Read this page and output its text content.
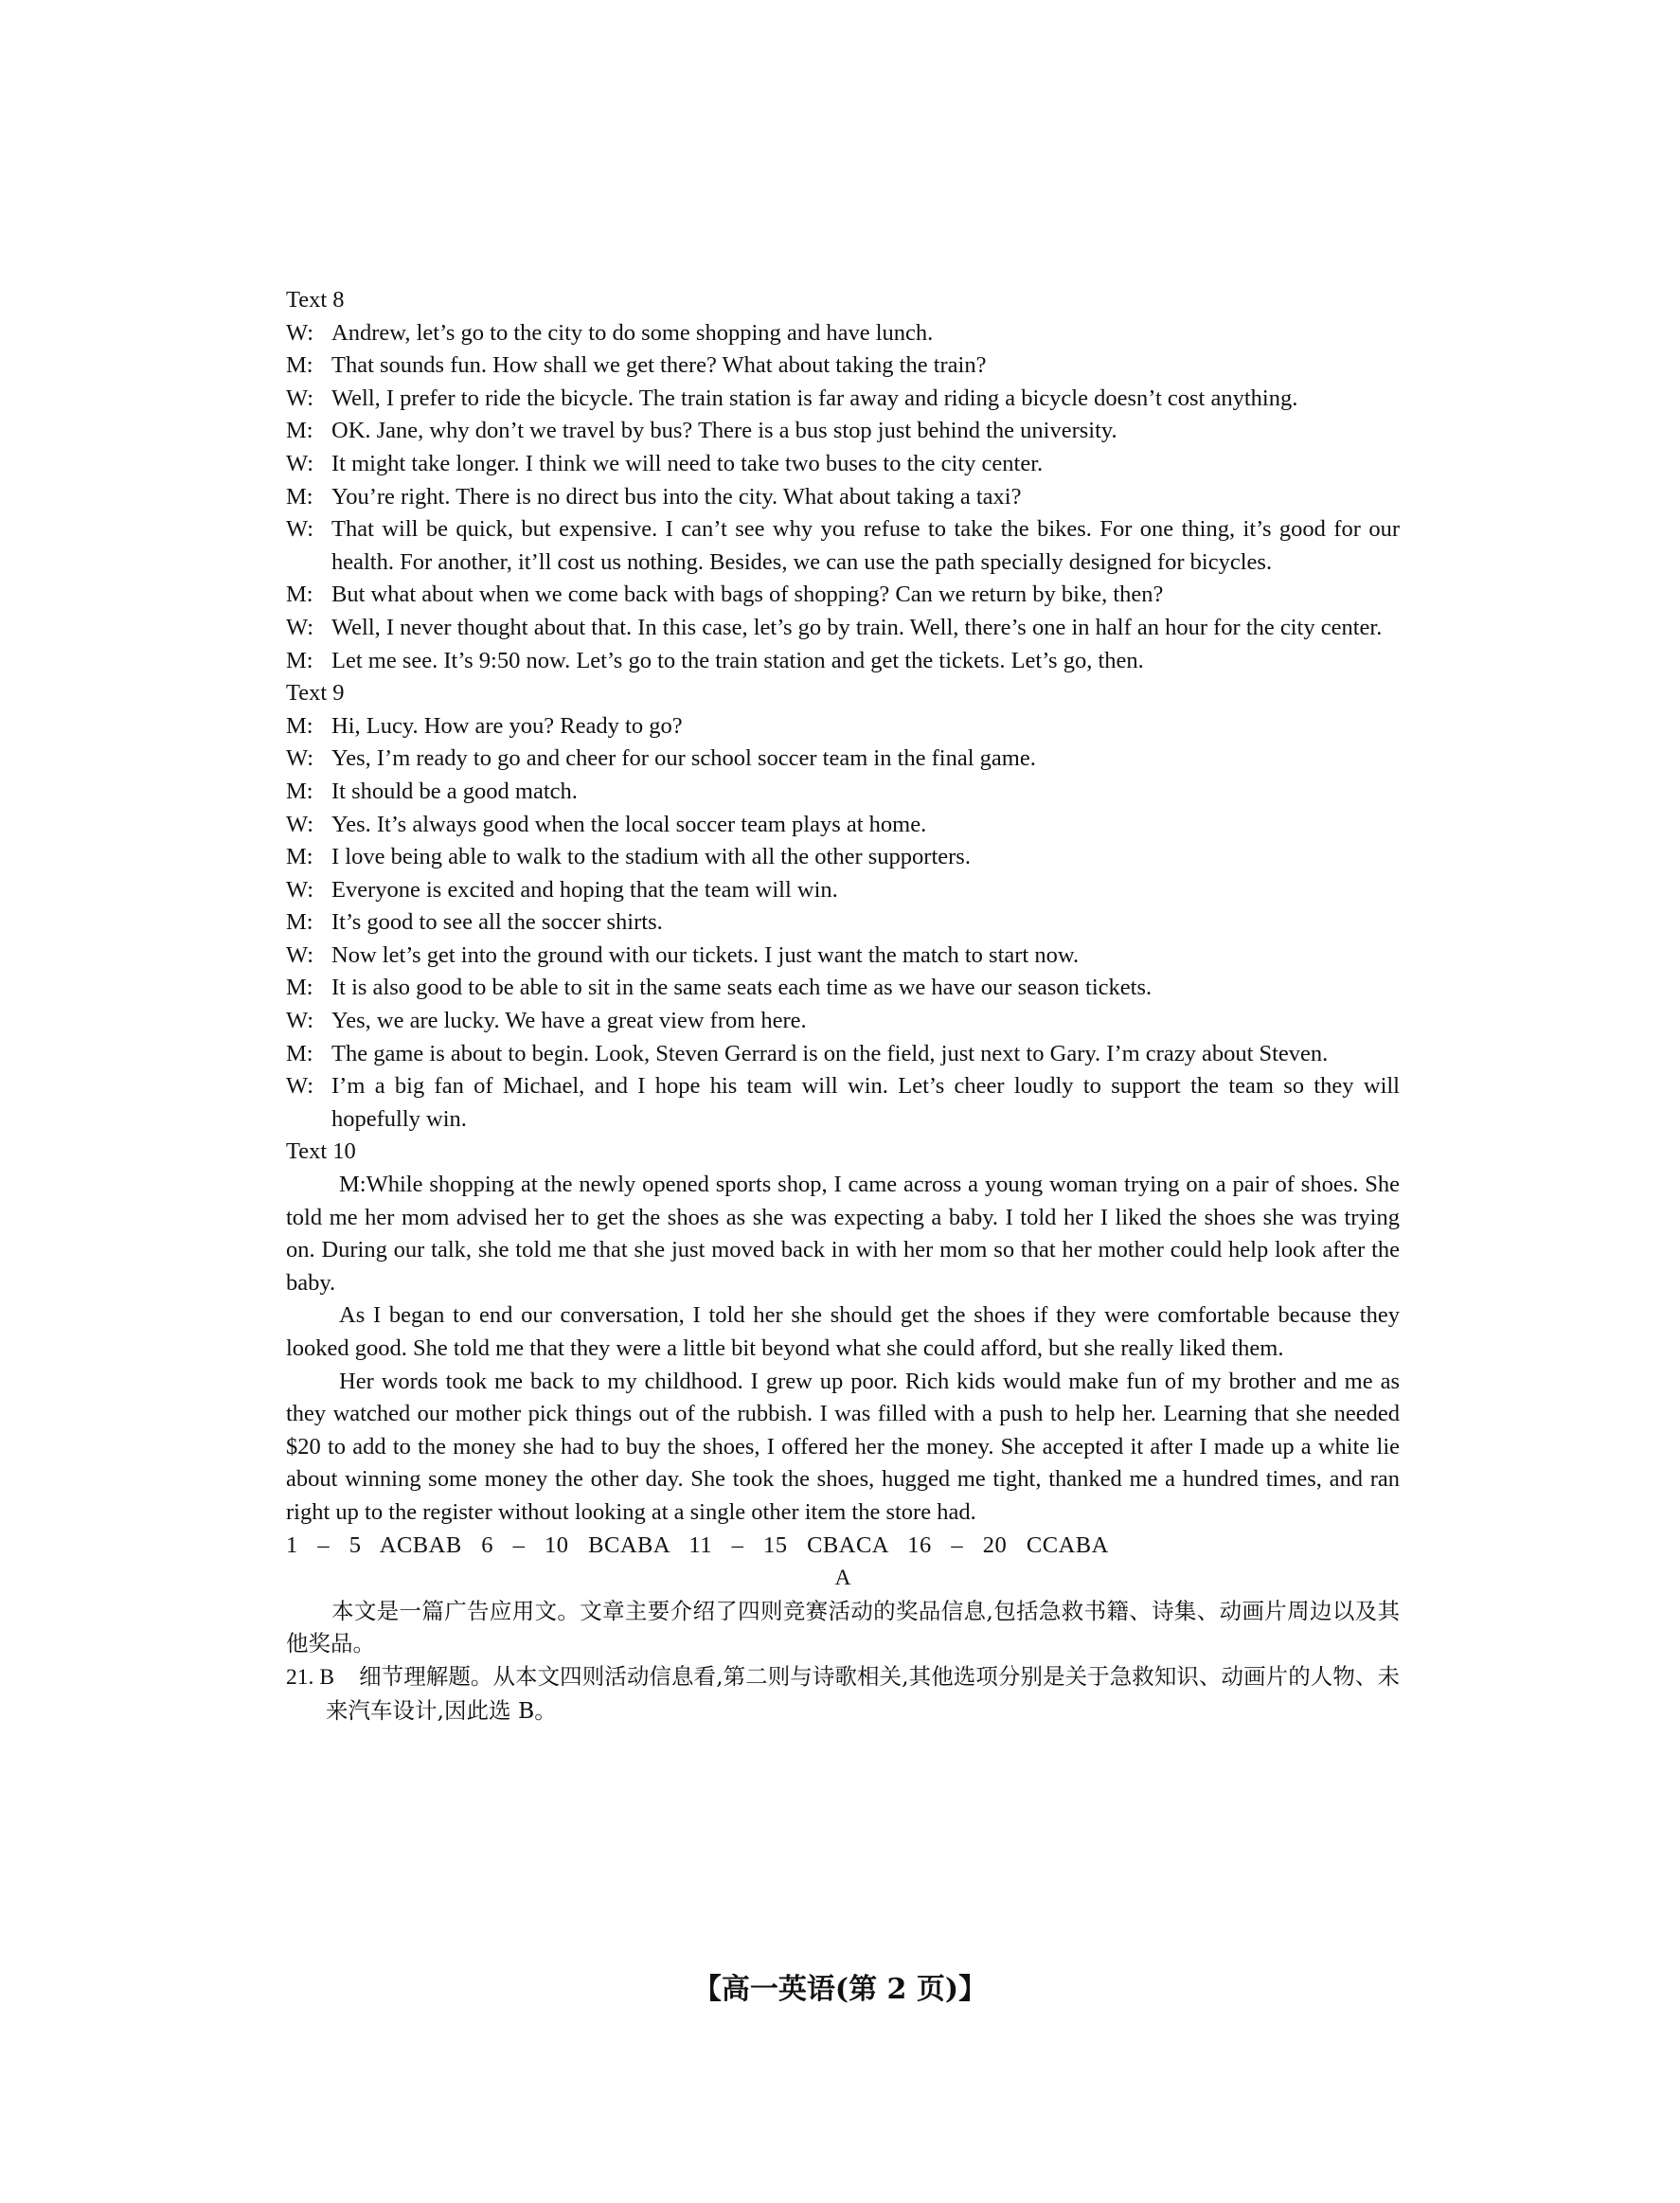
Text 8
W: Andrew, let’s go to the city to do some shopping and have lunch.
M: That sounds fun. How shall we get there? What about taking the train?
W: Well, I prefer to ride the bicycle. The train station is far away and riding a bicycle doesn’t cost anything.
M: OK. Jane, why don’t we travel by bus? There is a bus stop just behind the university.
W: It might take longer. I think we will need to take two buses to the city center.
M: You’re right. There is no direct bus into the city. What about taking a taxi?
W: That will be quick, but expensive. I can’t see why you refuse to take the bikes. For one thing, it’s good for our health. For another, it’ll cost us nothing. Besides, we can use the path specially designed for bicycles.
M: But what about when we come back with bags of shopping? Can we return by bike, then?
W: Well, I never thought about that. In this case, let’s go by train. Well, there’s one in half an hour for the city center.
M: Let me see. It’s 9:50 now. Let’s go to the train station and get the tickets. Let’s go, then.
Text 9
M: Hi, Lucy. How are you? Ready to go?
W: Yes, I’m ready to go and cheer for our school soccer team in the final game.
M: It should be a good match.
W: Yes. It’s always good when the local soccer team plays at home.
M: I love being able to walk to the stadium with all the other supporters.
W: Everyone is excited and hoping that the team will win.
M: It’s good to see all the soccer shirts.
W: Now let’s get into the ground with our tickets. I just want the match to start now.
M: It is also good to be able to sit in the same seats each time as we have our season tickets.
W: Yes, we are lucky. We have a great view from here.
M: The game is about to begin. Look, Steven Gerrard is on the field, just next to Gary. I’m crazy about Steven.
W: I’m a big fan of Michael, and I hope his team will win. Let’s cheer loudly to support the team so they will hopefully win.
Text 10
M:While shopping at the newly opened sports shop, I came across a young woman trying on a pair of shoes. She told me her mom advised her to get the shoes as she was expecting a baby. I told her I liked the shoes she was trying on. During our talk, she told me that she just moved back in with her mom so that her mother could help look after the baby.
As I began to end our conversation, I told her she should get the shoes if they were comfortable because they looked good. She told me that they were a little bit beyond what she could afford, but she really liked them.
Her words took me back to my childhood. I grew up poor. Rich kids would make fun of my brother and me as they watched our mother pick things out of the rubbish. I was filled with a push to help her. Learning that she needed $20 to add to the money she had to buy the shoes, I offered her the money. She accepted it after I made up a white lie about winning some money the other day. She took the shoes, hugged me tight, thanked me a hundred times, and ran right up to the register without looking at a single other item the store had.
1 – 5 ACBAB 6 – 10 BCABA 11 – 15 CBACA 16 – 20 CCABA
A
本文是一篇广告应用文。文章主要介绍了四则竞赛活动的奖品信息,包括急救书籍、诗集、动画片周边以及其他奖品。
21. B 细节理解题。从本文四则活动信息看,第二则与诗歌相关,其他选项分别是关于急救知识、动画片的人物、未来汽车设计,因此选 B。
【高一英语(第 2 页)】
